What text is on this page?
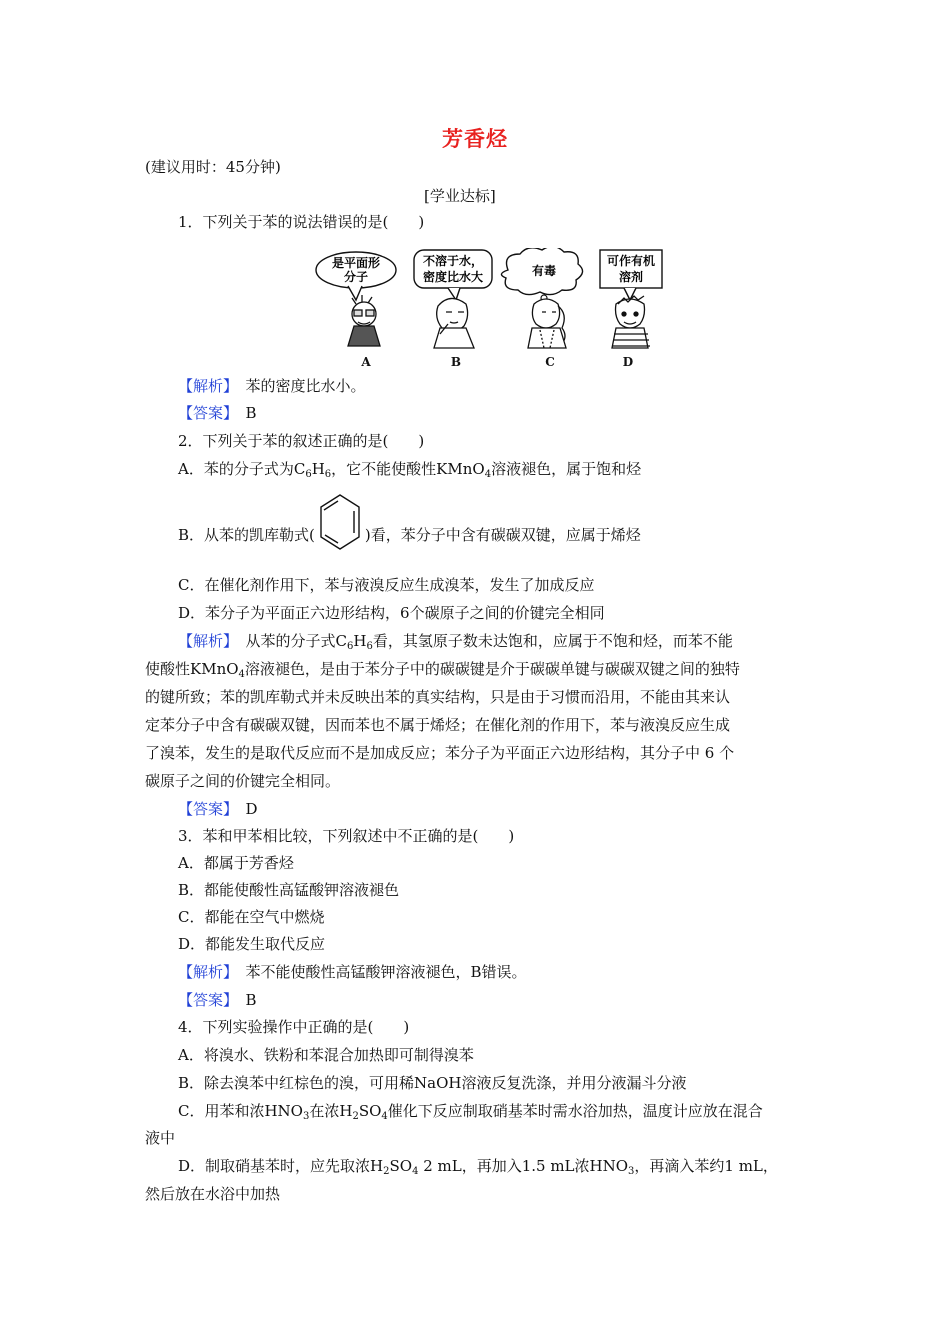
芳香烃
(建议用时：45分钟)
[学业达标]
1．下列关于苯的说法错误的是(　　)
是平面形
分子
不溶于水，
密度比水大	有毒
可作有机
溶剂
A	B	C	D
【解析】　 苯的密度比水小。
【答案】　 B
2．下列关于苯的叙述正确的是(　　)
A．苯的分子式为$C_6H_6$，它不能使酸性KMnO$_4$溶液褪色，属于饱和烃
B．从苯的凯库勒式(	)看，苯分子中含有碳碳双键，应属于烯烃
C．在催化剂作用下，苯与液溴反应生成溴苯，发生了加成反应
D．苯分子为平面正六边形结构，6个碳原子之间的价键完全相同
【解析】　从苯的分子式$C_6H_6$看，其氢原子数未达饱和，应属于不饱和烃，而苯不能
使酸性KMnO$_4$溶液褪色，是由于苯分子中的碳碳键是介于碳碳单键与碳碳双键之间的独特
的键所致；苯的凯库勒式并未反映出苯的真实结构，只是由于习惯而沿用，不能由其来认
定苯分子中含有碳碳双键，因而苯也不属于烯烃；在催化剂的作用下，苯与液溴反应生成
了溴苯，发生的是取代反应而不是加成反应；苯分子为平面正六边形结构，其分子中 6 个
碳原子之间的价键完全相同。
【答案】　 D
3．苯和甲苯相比较，下列叙述中不正确的是(　　)
A．都属于芳香烃
B．都能使酸性高锰酸钾溶液褪色
C．都能在空气中燃烧
D．都能发生取代反应
【解析】　 苯不能使酸性高锰酸钾溶液褪色，B错误。
【答案】　 B
4．下列实验操作中正确的是(　　)
A．将溴水、铁粉和苯混合加热即可制得溴苯
B．除去溴苯中红棕色的溴，可用稀NaOH溶液反复洗涤，并用分液漏斗分液
C．用苯和浓$HNO_3$在浓$H_2SO_4$催化下反应制取硝基苯时需水浴加热，温度计应放在混合
液中
D．制取硝基苯时，应先取浓$H_2SO_4$ 2 mL，再加入1.5 mL浓$HNO_3$，再滴入苯约1 mL，
然后放在水浴中加热
